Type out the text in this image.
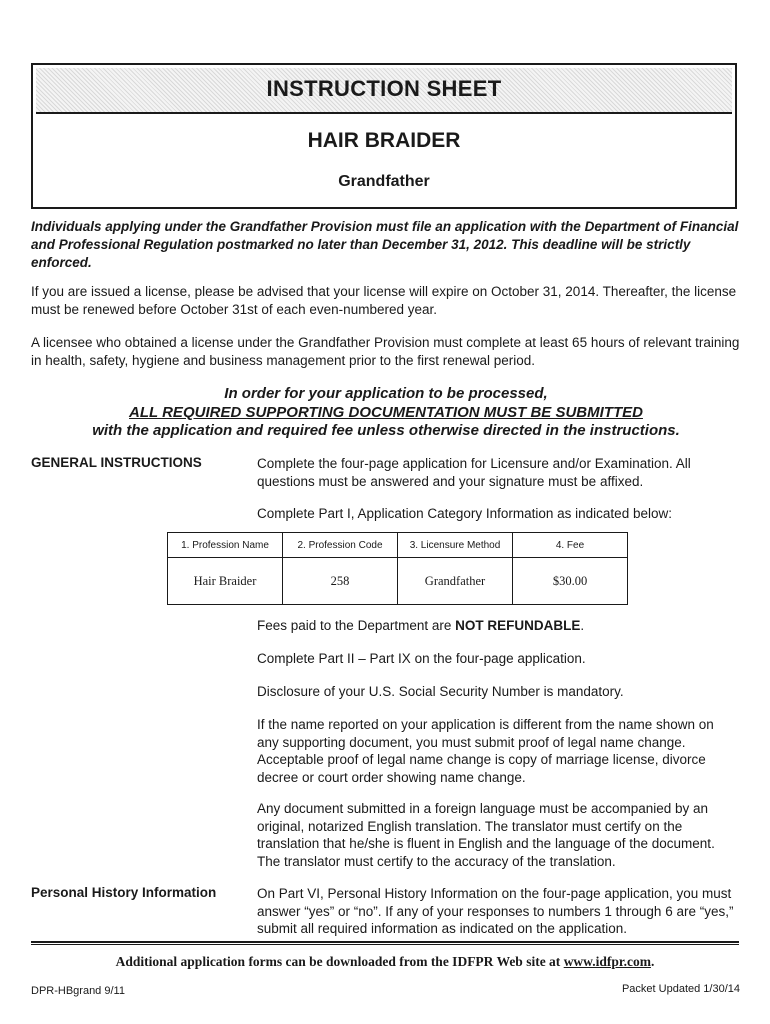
INSTRUCTION SHEET
HAIR BRAIDER
Grandfather
Individuals applying under the Grandfather Provision must file an application with the Department of Financial and Professional Regulation postmarked no later than December 31, 2012. This deadline will be strictly enforced.
If you are issued a license, please be advised that your license will expire on October 31, 2014. Thereafter, the license must be renewed before October 31st of each even-numbered year.
A licensee who obtained a license under the Grandfather Provision must complete at least 65 hours of relevant training in health, safety, hygiene and business management prior to the first renewal period.
In order for your application to be processed,
ALL REQUIRED SUPPORTING DOCUMENTATION MUST BE SUBMITTED
with the application and required fee unless otherwise directed in the instructions.
GENERAL INSTRUCTIONS	Complete the four-page application for Licensure and/or Examination. All questions must be answered and your signature must be affixed.
Complete Part I, Application Category Information as indicated below:
1. Profession Name	2. Profession Code	3. Licensure Method	4. Fee
Hair Braider	258	Grandfather	$30.00
Fees paid to the Department are NOT REFUNDABLE.
Complete Part II – Part IX on the four-page application.
Disclosure of your U.S. Social Security Number is mandatory.
If the name reported on your application is different from the name shown on any supporting document, you must submit proof of legal name change. Acceptable proof of legal name change is copy of marriage license, divorce decree or court order showing name change.
Any document submitted in a foreign language must be accompanied by an original, notarized English translation. The translator must certify on the translation that he/she is fluent in English and the language of the document. The translator must certify to the accuracy of the translation.
Personal History Information	On Part VI, Personal History Information on the four-page application, you must answer “yes” or “no”. If any of your responses to numbers 1 through 6 are “yes,” submit all required information as indicated on the application.
Additional application forms can be downloaded from the IDFPR Web site at www.idfpr.com.
DPR-HBgrand 9/11	Packet Updated 1/30/14
